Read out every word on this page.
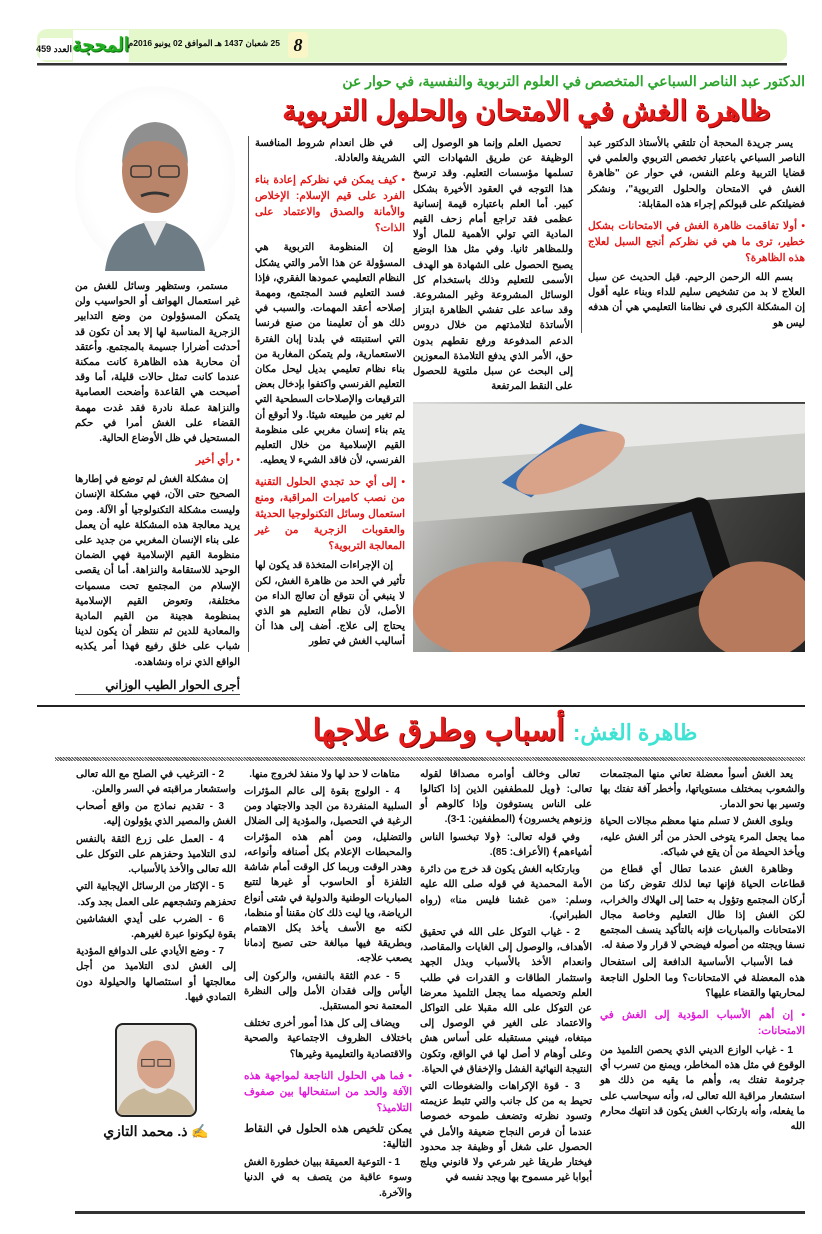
العدد 459 المحجة
25 شعبان 1437 هـ الموافق 02 يونيو 2016م 8

مستمر، وستظهر وسائل للغش من غير استعمال الهواتف أو الحواسيب ولن يتمكن المسؤولون من وضع التدابير الزجرية المناسبة لها إلا بعد أن تكون قد أحدثت أضرارا جسيمة بالمجتمع. وأعتقد أن محاربة هذه الظاهرة كانت ممكنة عندما كانت تمثل حالات قليلة، أما وقد أصبحت هي القاعدة وأضحت العصامية والنزاهة عملة نادرة فقد غدت مهمة القضاء على الغش أمرا في حكم المستحيل في ظل الأوضاع الحالية.

• رأي أخير

إن مشكلة الغش لم توضع في إطارها الصحيح حتى الآن، فهي مشكلة الإنسان وليست مشكلة التكنولوجيا أو الآلة. ومن يريد معالجة هذه المشكلة عليه أن يعمل على بناء الإنسان المغربي من جديد على منظومة القيم الإسلامية فهي الضمان الوحيد للاستقامة والنزاهة. أما أن يقصى الإسلام من المجتمع تحت مسميات مختلفة، وتعوض القيم الإسلامية بمنظومة هجينة من القيم المادية والمعادية للدين ثم ننتظر أن يكون لدينا شباب على خلق رفيع فهذا أمر يكذبه الواقع الذي نراه ونشاهده.

أجرى الحوار الطيب الوزاني
الدكتور عبد الناصر السباعي المتخصص في العلوم التربوية والنفسية، في حوار عن
ظاهرة الغش في الامتحان والحلول التربوية

في ظل انعدام شروط المنافسة الشريفة والعادلة.

• كيف يمكن في نظركم إعادة بناء الفرد على قيم الإسلام: الإخلاص والأمانة والصدق والاعتماد على الذات؟

إن المنظومة التربوية هي المسؤولة عن هذا الأمر والتي يشكل النظام التعليمي عمودها الفقري، فإذا فسد التعليم فسد المجتمع، ومهمة إصلاحه أعقد المهمات. والسبب في ذلك هو أن تعليمنا من صنع فرنسا التي استنبتته في بلدنا إبان الفترة الاستعمارية، ولم يتمكن المغاربة من بناء نظام تعليمي بديل ليحل مكان التعليم الفرنسي واكتفوا بإدخال بعض الترقيعات والإصلاحات السطحية التي لم تغير من طبيعته شيئا. ولا أتوقع أن يتم بناء إنسان مغربي على منظومة القيم الإسلامية من خلال التعليم الفرنسي، لأن فاقد الشيء لا يعطيه.

• إلى أي حد تجدي الحلول التقنية من نصب كاميرات المراقبة، ومنع استعمال وسائل التكنولوجيا الحديثة والعقوبات الزجرية من غير المعالجة التربوية؟

إن الإجراءات المتخذة قد يكون لها تأثير في الحد من ظاهرة الغش، لكن لا ينبغي أن نتوقع أن تعالج الداء من الأصل، لأن نظام التعليم هو الذي يحتاج إلى علاج. أضف إلى هذا أن أساليب الغش في تطور

تحصيل العلم وإنما هو الوصول إلى الوظيفة عن طريق الشهادات التي تسلمها مؤسسات التعليم. وقد ترسخ هذا التوجه في العقود الأخيرة بشكل كبير. أما العلم باعتباره قيمة إنسانية عظمى فقد تراجع أمام زحف القيم المادية التي تولي الأهمية للمال أولا وللمظاهر ثانيا. وفي مثل هذا الوضع يصبح الحصول على الشهادة هو الهدف الأسمى للتعليم وذلك باستخدام كل الوسائل المشروعة وغير المشروعة. وقد ساعد على تفشي الظاهرة ابتزاز الأساتذة لتلامذتهم من خلال دروس الدعم المدفوعة ورفع نقطهم بدون حق، الأمر الذي يدفع التلامذة المعوزين إلى البحث عن سبل ملتوية للحصول على النقط المرتفعة

يسر جريدة المحجة أن تلتقي بالأستاذ الدكتور عبد الناصر السباعي باعتبار تخصص التربوي والعلمي في قضايا التربية وعلم النفس، في حوار عن "ظاهرة الغش في الامتحان والحلول التربوية"، ونشكر فضيلتكم على قبولكم إجراء هذه المقابلة:

• أولا تفاقمت ظاهرة الغش في الامتحانات بشكل خطير، ترى ما هي في نظركم أنجع السبل لعلاج هذه الظاهرة؟

بسم الله الرحمن الرحيم. قبل الحديث عن سبل العلاج لا بد من تشخيص سليم للداء وبناء عليه أقول إن المشكلة الكبرى في نظامنا التعليمي هي أن هدفه ليس هو

ظاهرة الغش: أسباب وطرق علاجها

يعد الغش أسوأ معضلة تعاني منها المجتمعات والشعوب بمختلف مستوياتها، وأخطر آفة تفتك بها وتسير بها نحو الدمار.

وبلوى الغش لا تسلم منها معظم مجالات الحياة مما يجعل المرء يتوخى الحذر من أثر الغش عليه، ويأخذ الحيطة من أن يقع في شباكه.

وظاهرة الغش عندما تطال أي قطاع من قطاعات الحياة فإنها تبعا لذلك تقوض ركنا من أركان المجتمع وتؤول به حتما إلى الهلاك والخراب، لكن الغش إذا طال التعليم وخاصة مجال الامتحانات والمباريات فإنه بالتأكيد ينسف المجتمع نسفا ويجتثه من أصوله فيضحي لا قرار ولا صفة له.

فما الأسباب الأساسية الدافعة إلى استفحال هذه المعضلة في الامتحانات؟ وما الحلول الناجعة لمحاربتها والقضاء عليها؟

• إن أهم الأسباب المؤدية إلى الغش في الامتحانات:

1 - غياب الوازع الديني الذي يحصن التلميذ من الوقوع في مثل هذه المخاطر، ويمنع من تسرب أي جرثومة تفتك به، وأهم ما يقيه من ذلك هو استشعار مراقبة الله تعالى له، وأنه سيحاسب على ما يفعله، وأنه بارتكاب الغش يكون قد انتهك محارم الله

تعالى وخالف أوامره مصداقا لقوله تعالى: ﴿ويل للمطففين الذين إذا اكتالوا على الناس يستوفون وإذا كالوهم أو وزنوهم يخسرون﴾ (المطففين: 1-3).

وفي قوله تعالى: ﴿ولا تبخسوا الناس أشياءهم﴾ (الأعراف: 85).

وبارتكابه الغش يكون قد خرج من دائرة الأمة المحمدية في قوله صلى الله عليه وسلم: «من غشنا فليس منا» (رواه الطبراني).

2 - غياب التوكل على الله في تحقيق الأهداف، والوصول إلى الغايات والمقاصد، وانعدام الأخذ بالأسباب وبذل الجهد واستثمار الطاقات و القدرات في طلب العلم وتحصيله مما يجعل التلميذ معرضا عن التوكل على الله مقبلا على التواكل والاعتماد على الغير في الوصول إلى مبتغاه، فيبني مستقبله على أساس هش وعلى أوهام لا أصل لها في الواقع، وتكون النتيجة النهائية الفشل والإخفاق في الحياة.

3 - قوة الإكراهات والضغوطات التي تحيط به من كل جانب والتي تثبط عزيمته وتسود نظرته وتضعف طموحه خصوصا عندما أن فرص النجاح ضعيفة والأمل في الحصول على شغل أو وظيفة جد محدود فيختار طريقا غير شرعي ولا قانوني ويلج أبوابا غير مسموح بها ويجد نفسه في

متاهات لا حد لها ولا منفذ لخروج منها.

4 - الولوج بقوة إلى عالم المؤثرات السلبية المنفردة من الجد والاجتهاد ومن الرغبة في التحصيل، والمؤدية إلى الضلال والتضليل، ومن أهم هذه المؤثرات والمحبطات الإعلام بكل أصنافه وأنواعه، وهدر الوقت وربما كل الوقت أمام شاشة التلفزة أو الحاسوب أو غيرها لتتبع المباريات الوطنية والدولية في شتى أنواع الرياضة، ويا ليت ذلك كان مقننا أو منظما، لكنه مع الأسف يأخذ بكل الاهتمام وبطريقة فيها مبالغة حتى تصبح إدمانا يصعب علاجه.

5 - عدم الثقة بالنفس، والركون إلى اليأس وإلى فقدان الأمل وإلى النظرة المعتمة نحو المستقبل.

ويضاف إلى كل هذا أمور أخرى تختلف باختلاف الظروف الاجتماعية والصحية والاقتصادية والتعليمية وغيرها؟

• فما هي الحلول الناجعة لمواجهة هذه الآفة والحد من استفحالها بين صفوف التلاميذ؟

يمكن تلخيص هذه الحلول في النقاط التالية:

1 - التوعية العميقة ببيان خطورة الغش وسوء عاقبة من يتصف به في الدنيا والآخرة.

2 - الترغيب في الصلح مع الله تعالى واستشعار مراقبته في السر والعلن.

3 - تقديم نماذج من واقع أصحاب الغش والمصير الذي يؤولون إليه.

4 - العمل على زرع الثقة بالنفس لدى التلاميذ وحفزهم على التوكل على الله تعالى والأخذ بالأسباب.

5 - الإكثار من الرسائل الإيجابية التي تحفزهم وتشجعهم على العمل بجد وكد.

6 - الضرب على أيدي الغشاشين بقوة ليكونوا عبرة لغيرهم.

7 - وضع الأيادي على الدوافع المؤدية إلى الغش لدى التلاميذ من أجل معالجتها أو استئصالها والحيلولة دون التمادي فيها.

✍ ذ. محمد التازي
